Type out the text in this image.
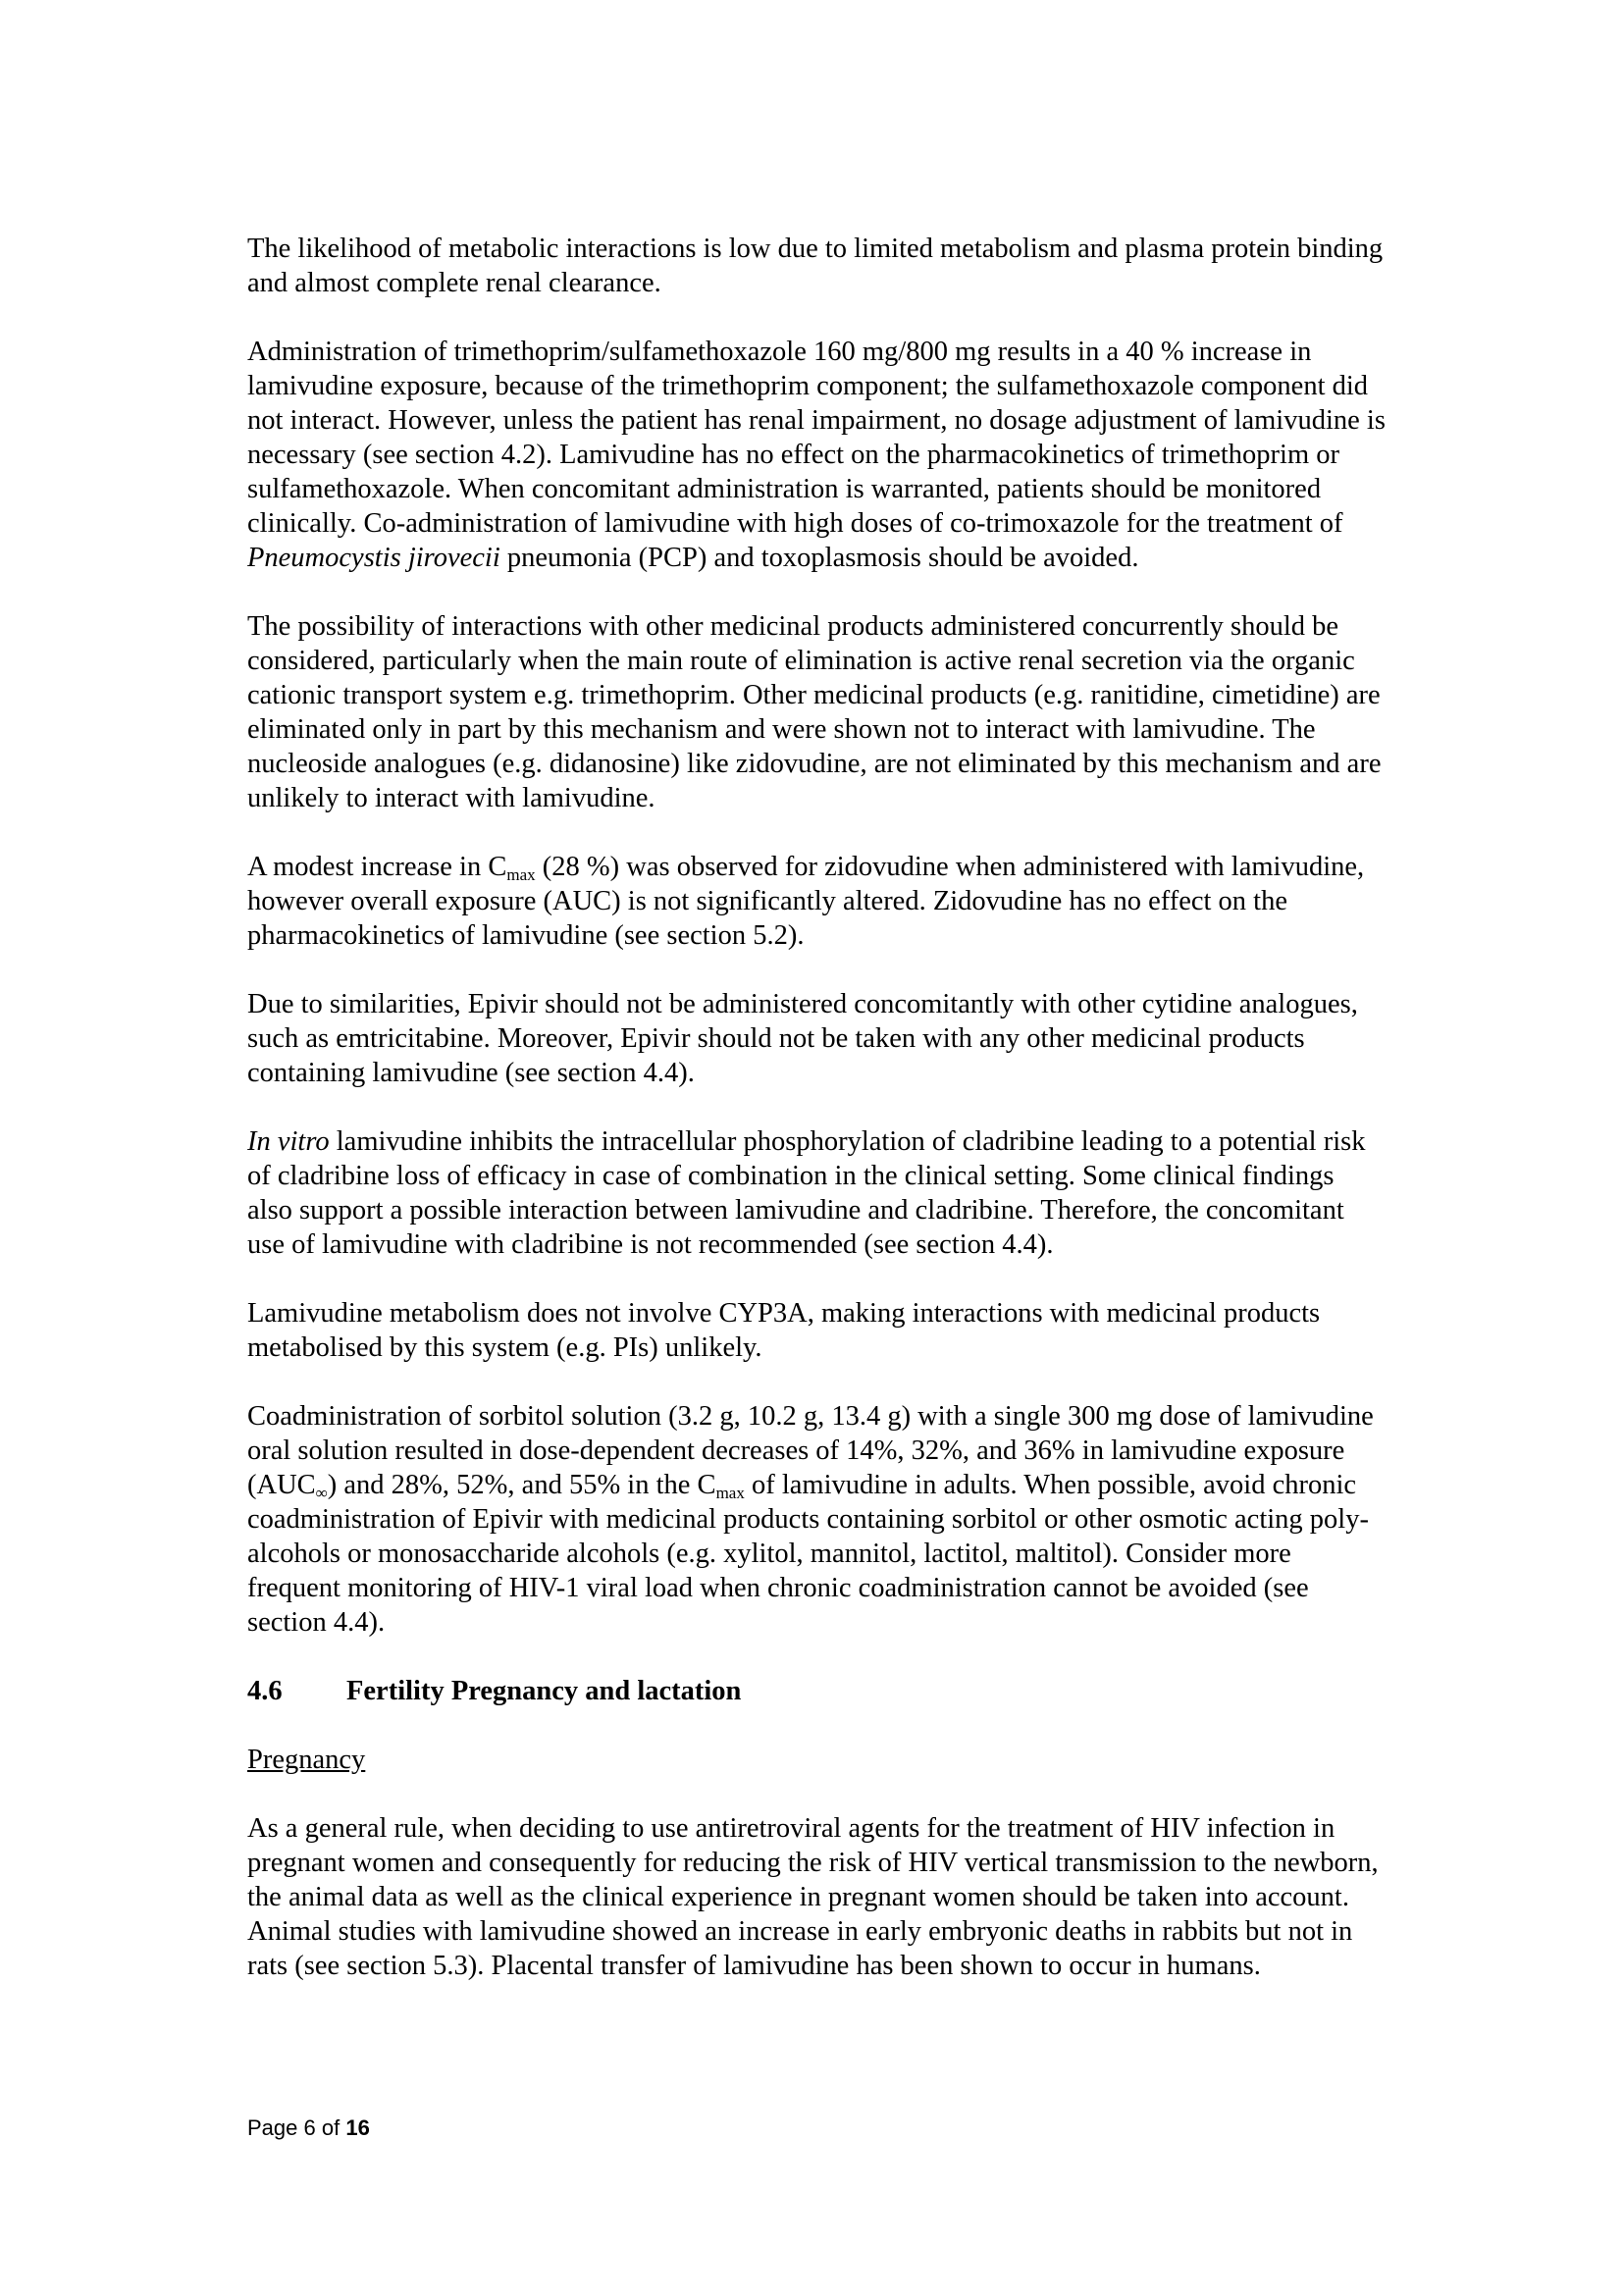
The likelihood of metabolic interactions is low due to limited metabolism and plasma protein binding and almost complete renal clearance.

Administration of trimethoprim/sulfamethoxazole 160 mg/800 mg results in a 40 % increase in lamivudine exposure, because of the trimethoprim component; the sulfamethoxazole component did not interact. However, unless the patient has renal impairment, no dosage adjustment of lamivudine is necessary (see section 4.2). Lamivudine has no effect on the pharmacokinetics of trimethoprim or sulfamethoxazole. When concomitant administration is warranted, patients should be monitored clinically. Co-administration of lamivudine with high doses of co-trimoxazole for the treatment of Pneumocystis jirovecii pneumonia (PCP) and toxoplasmosis should be avoided.

The possibility of interactions with other medicinal products administered concurrently should be considered, particularly when the main route of elimination is active renal secretion via the organic cationic transport system e.g. trimethoprim. Other medicinal products (e.g. ranitidine, cimetidine) are eliminated only in part by this mechanism and were shown not to interact with lamivudine. The nucleoside analogues (e.g. didanosine) like zidovudine, are not eliminated by this mechanism and are unlikely to interact with lamivudine.

A modest increase in $C_{max}$ (28 %) was observed for zidovudine when administered with lamivudine, however overall exposure (AUC) is not significantly altered. Zidovudine has no effect on the pharmacokinetics of lamivudine (see section 5.2).

Due to similarities, Epivir should not be administered concomitantly with other cytidine analogues, such as emtricitabine. Moreover, Epivir should not be taken with any other medicinal products containing lamivudine (see section 4.4).

In vitro lamivudine inhibits the intracellular phosphorylation of cladribine leading to a potential risk of cladribine loss of efficacy in case of combination in the clinical setting. Some clinical findings also support a possible interaction between lamivudine and cladribine. Therefore, the concomitant use of lamivudine with cladribine is not recommended (see section 4.4).

Lamivudine metabolism does not involve CYP3A, making interactions with medicinal products metabolised by this system (e.g. PIs) unlikely.

Coadministration of sorbitol solution (3.2 g, 10.2 g, 13.4 g) with a single 300 mg dose of lamivudine oral solution resulted in dose-dependent decreases of 14%, 32%, and 36% in lamivudine exposure $(AUC_\infty)$ and 28%, 52%, and 55% in the $C_{max}$ of lamivudine in adults. When possible, avoid chronic coadministration of Epivir with medicinal products containing sorbitol or other osmotic acting poly-alcohols or monosaccharide alcohols (e.g. xylitol, mannitol, lactitol, maltitol). Consider more frequent monitoring of HIV-1 viral load when chronic coadministration cannot be avoided (see section 4.4).

4.6 Fertility Pregnancy and lactation
Pregnancy

As a general rule, when deciding to use antiretroviral agents for the treatment of HIV infection in pregnant women and consequently for reducing the risk of HIV vertical transmission to the newborn, the animal data as well as the clinical experience in pregnant women should be taken into account.

Animal studies with lamivudine showed an increase in early embryonic deaths in rabbits but not in rats (see section 5.3). Placental transfer of lamivudine has been shown to occur in humans.

Page 6 of 16
